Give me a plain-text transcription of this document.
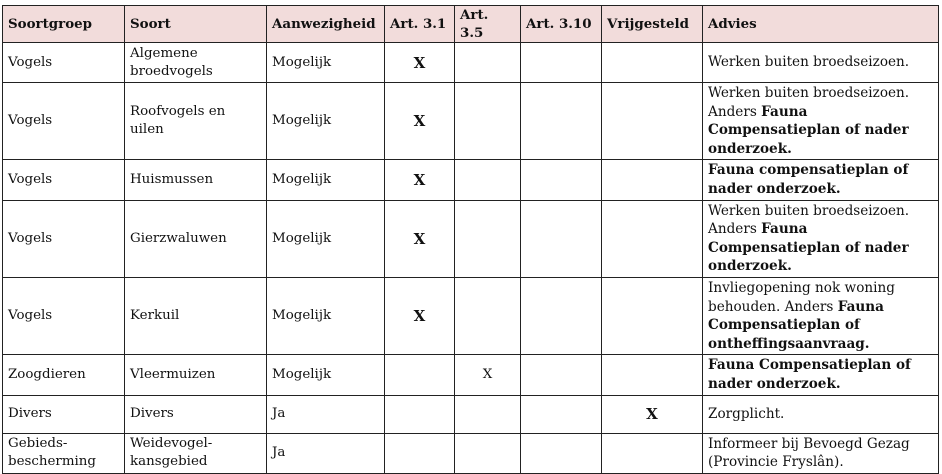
Soortgroep	Soort	Aanwezigheid	Art. 3.1	Art. 3.5	Art. 3.10	Vrijgesteld	Advies
Vogels	Algemene broedvogels	Mogelijk	X				Werken buiten broedseizoen.
Vogels	Roofvogels en uilen	Mogelijk	X				Werken buiten broedseizoen. Anders Fauna Compensatieplan of nader onderzoek.
Vogels	Huismussen	Mogelijk	X				Fauna compensatieplan of nader onderzoek.
Vogels	Gierzwaluwen	Mogelijk	X				Werken buiten broedseizoen. Anders Fauna Compensatieplan of nader onderzoek.
Vogels	Kerkuil	Mogelijk	X				Invliegopening nok woning behouden. Anders Fauna Compensatieplan of ontheffingsaanvraag.
Zoogdieren	Vleermuizen	Mogelijk		X			Fauna Compensatieplan of nader onderzoek.
Divers	Divers	Ja				X	Zorgplicht.
Gebieds-bescherming	Weidevogel-kansgebied	Ja					Informeer bij Bevoegd Gezag (Provincie Fryslân).
